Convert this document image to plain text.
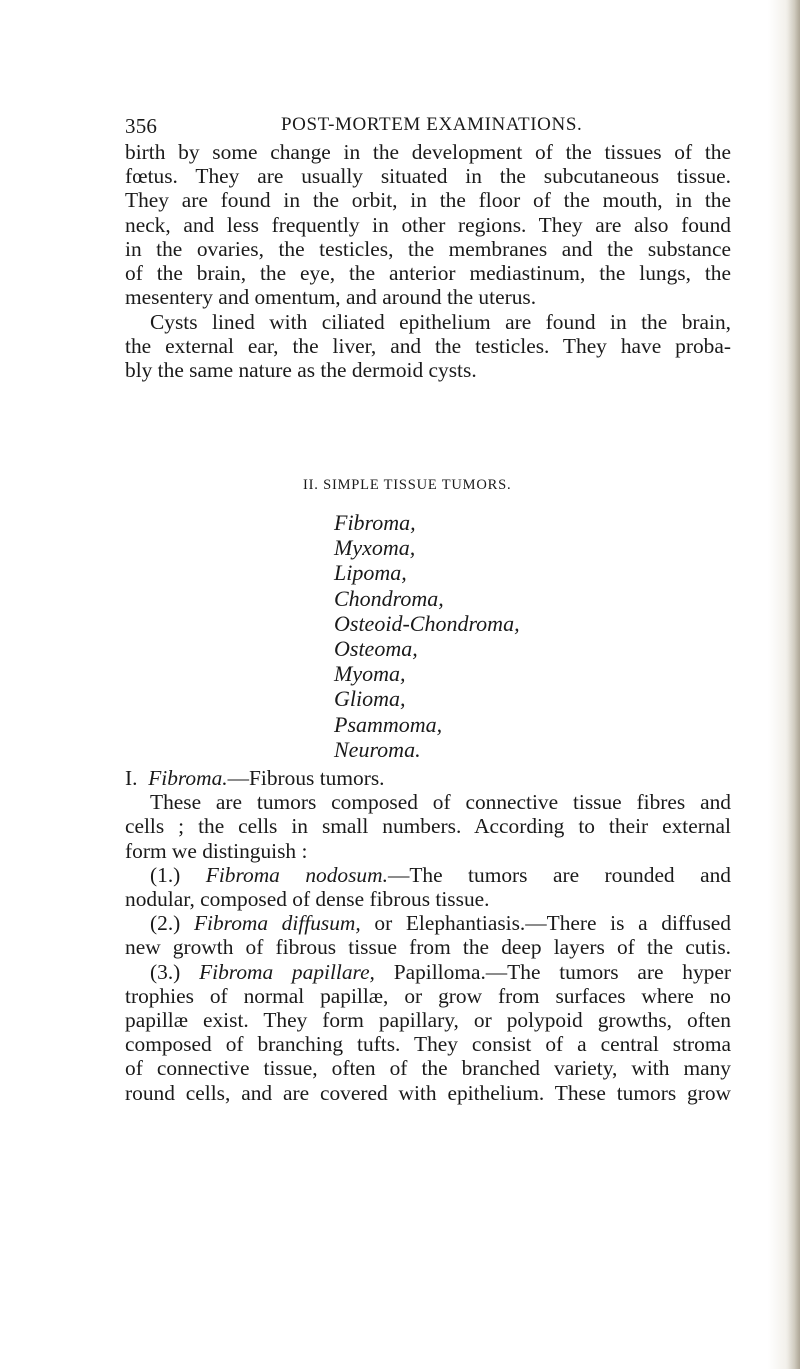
356	POST-MORTEM EXAMINATIONS.
birth by some change in the development of the tissues of the
fœtus. They are usually situated in the subcutaneous tissue.
They are found in the orbit, in the floor of the mouth, in the
neck, and less frequently in other regions. They are also found
in the ovaries, the testicles, the membranes and the substance
of the brain, the eye, the anterior mediastinum, the lungs, the
mesentery and omentum, and around the uterus.
Cysts lined with ciliated epithelium are found in the brain,
the external ear, the liver, and the testicles. They have proba-
bly the same nature as the dermoid cysts.
II. SIMPLE TISSUE TUMORS.
Fibroma,
Myxoma,
Lipoma,
Chondroma,
Osteoid-Chondroma,
Osteoma,
Myoma,
Glioma,
Psammoma,
Neuroma.
I. Fibroma.—Fibrous tumors.
These are tumors composed of connective tissue fibres and
cells ; the cells in small numbers. According to their external
form we distinguish :
(1.) Fibroma nodosum.—The tumors are rounded and
nodular, composed of dense fibrous tissue.
(2.) Fibroma diffusum, or Elephantiasis.—There is a diffused
new growth of fibrous tissue from the deep layers of the cutis.
(3.) Fibroma papillare, Papilloma.—The tumors are hyper
trophies of normal papillæ, or grow from surfaces where no
papillæ exist. They form papillary, or polypoid growths, often
composed of branching tufts. They consist of a central stroma
of connective tissue, often of the branched variety, with many
round cells, and are covered with epithelium. These tumors grow
